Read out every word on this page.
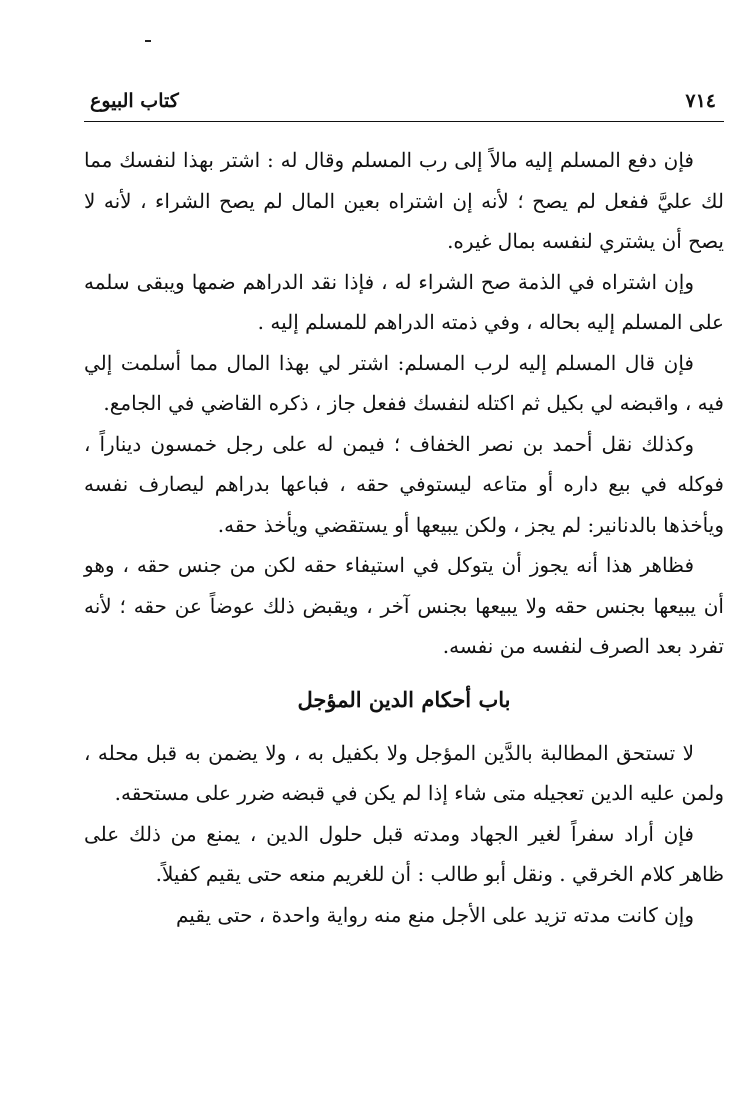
٧١٤
كتاب البيوع

فإن دفع المسلم إليه مالاً إلى رب المسلم وقال له : اشتر بهذا لنفسك مما لك عليَّ ففعل لم يصح ؛ لأنه إن اشتراه بعين المال لم يصح الشراء ، لأنه لا يصح أن يشتري لنفسه بمال غيره.

وإن اشتراه في الذمة صح الشراء له ، فإذا نقد الدراهم ضمها ويبقى سلمه على المسلم إليه بحاله ، وفي ذمته الدراهم للمسلم إليه .

فإن قال المسلم إليه لرب المسلم: اشتر لي بهذا المال مما أسلمت إلي فيه ، واقبضه لي بكيل ثم اكتله لنفسك ففعل جاز ، ذكره القاضي في الجامع.

وكذلك نقل أحمد بن نصر الخفاف ؛ فيمن له على رجل خمسون ديناراً ، فوكله في بيع داره أو متاعه ليستوفي حقه ، فباعها بدراهم ليصارف نفسه ويأخذها بالدنانير: لم يجز ، ولكن يبيعها أو يستقضي ويأخذ حقه.

فظاهر هذا أنه يجوز أن يتوكل في استيفاء حقه لكن من جنس حقه ، وهو أن يبيعها بجنس حقه ولا يبيعها بجنس آخر ، ويقبض ذلك عوضاً عن حقه ؛ لأنه تفرد بعد الصرف لنفسه من نفسه.

باب أحكام الدين المؤجل

لا تستحق المطالبة بالدَّين المؤجل ولا بكفيل به ، ولا يضمن به قبل محله ، ولمن عليه الدين تعجيله متى شاء إذا لم يكن في قبضه ضرر على مستحقه.

فإن أراد سفراً لغير الجهاد ومدته قبل حلول الدين ، يمنع من ذلك على ظاهر كلام الخرقي . ونقل أبو طالب : أن للغريم منعه حتى يقيم كفيلاً.

وإن كانت مدته تزيد على الأجل منع منه رواية واحدة ، حتى يقيم
